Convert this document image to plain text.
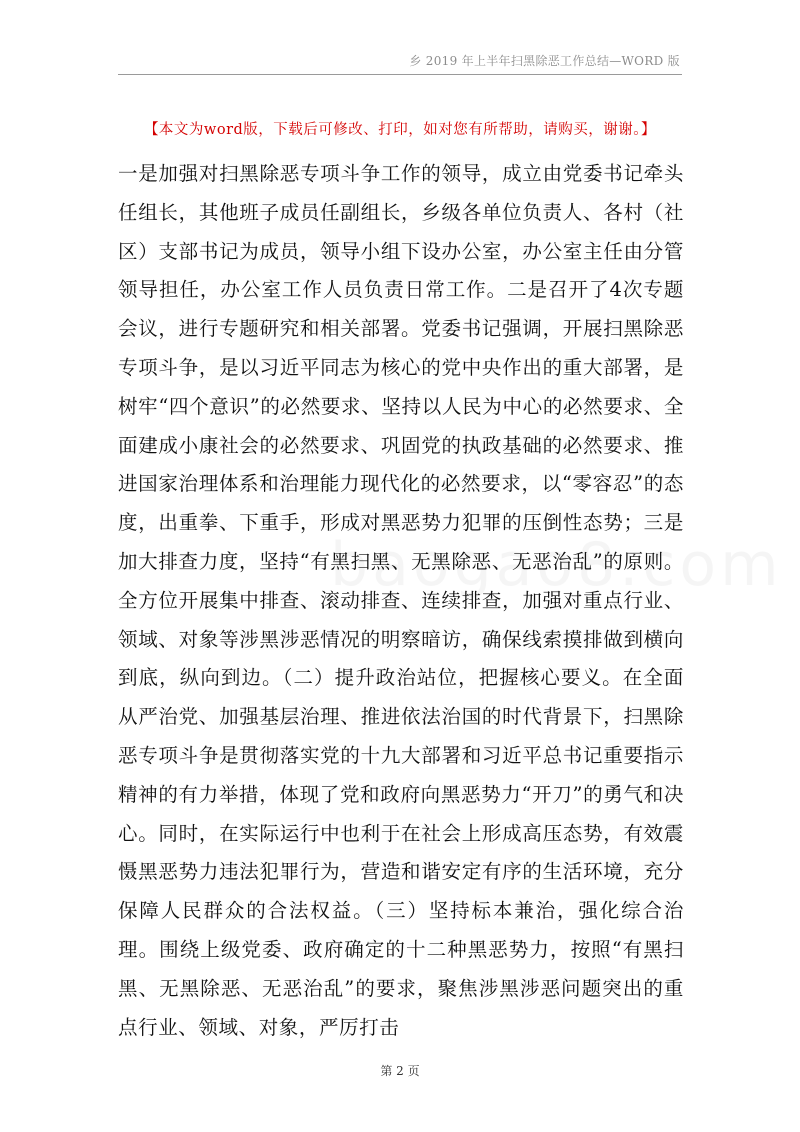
乡 2019 年上半年扫黑除恶工作总结—WORD 版
【本文为word版，下载后可修改、打印，如对您有所帮助，请购买，谢谢。】

一是加强对扫黑除恶专项斗争工作的领导，成立由党委书记牵头任组长，其他班子成员任副组长，乡级各单位负责人、各村（社区）支部书记为成员，领导小组下设办公室，办公室主任由分管领导担任，办公室工作人员负责日常工作。二是召开了4次专题会议，进行专题研究和相关部署。党委书记强调，开展扫黑除恶专项斗争，是以习近平同志为核心的党中央作出的重大部署，是树牢“四个意识”的必然要求、坚持以人民为中心的必然要求、全面建成小康社会的必然要求、巩固党的执政基础的必然要求、推进国家治理体系和治理能力现代化的必然要求，以“零容忍”的态度，出重拳、下重手，形成对黑恶势力犯罪的压倒性态势；三是加大排查力度，坚持“有黑扫黑、无黑除恶、无恶治乱”的原则。全方位开展集中排查、滚动排查、连续排查，加强对重点行业、领域、对象等涉黑涉恶情况的明察暗访，确保线索摸排做到横向到底，纵向到边。（二）提升政治站位，把握核心要义。在全面从严治党、加强基层治理、推进依法治国的时代背景下，扫黑除恶专项斗争是贯彻落实党的十九大部署和习近平总书记重要指示精神的有力举措，体现了党和政府向黑恶势力“开刀”的勇气和决心。同时，在实际运行中也利于在社会上形成高压态势，有效震慑黑恶势力违法犯罪行为，营造和谐安定有序的生活环境，充分保障人民群众的合法权益。（三）坚持标本兼治，强化综合治理。围绕上级党委、政府确定的十二种黑恶势力，按照“有黑扫黑、无黑除恶、无恶治乱”的要求，聚焦涉黑涉恶问题突出的重点行业、领域、对象，严厉打击

第 2 页
